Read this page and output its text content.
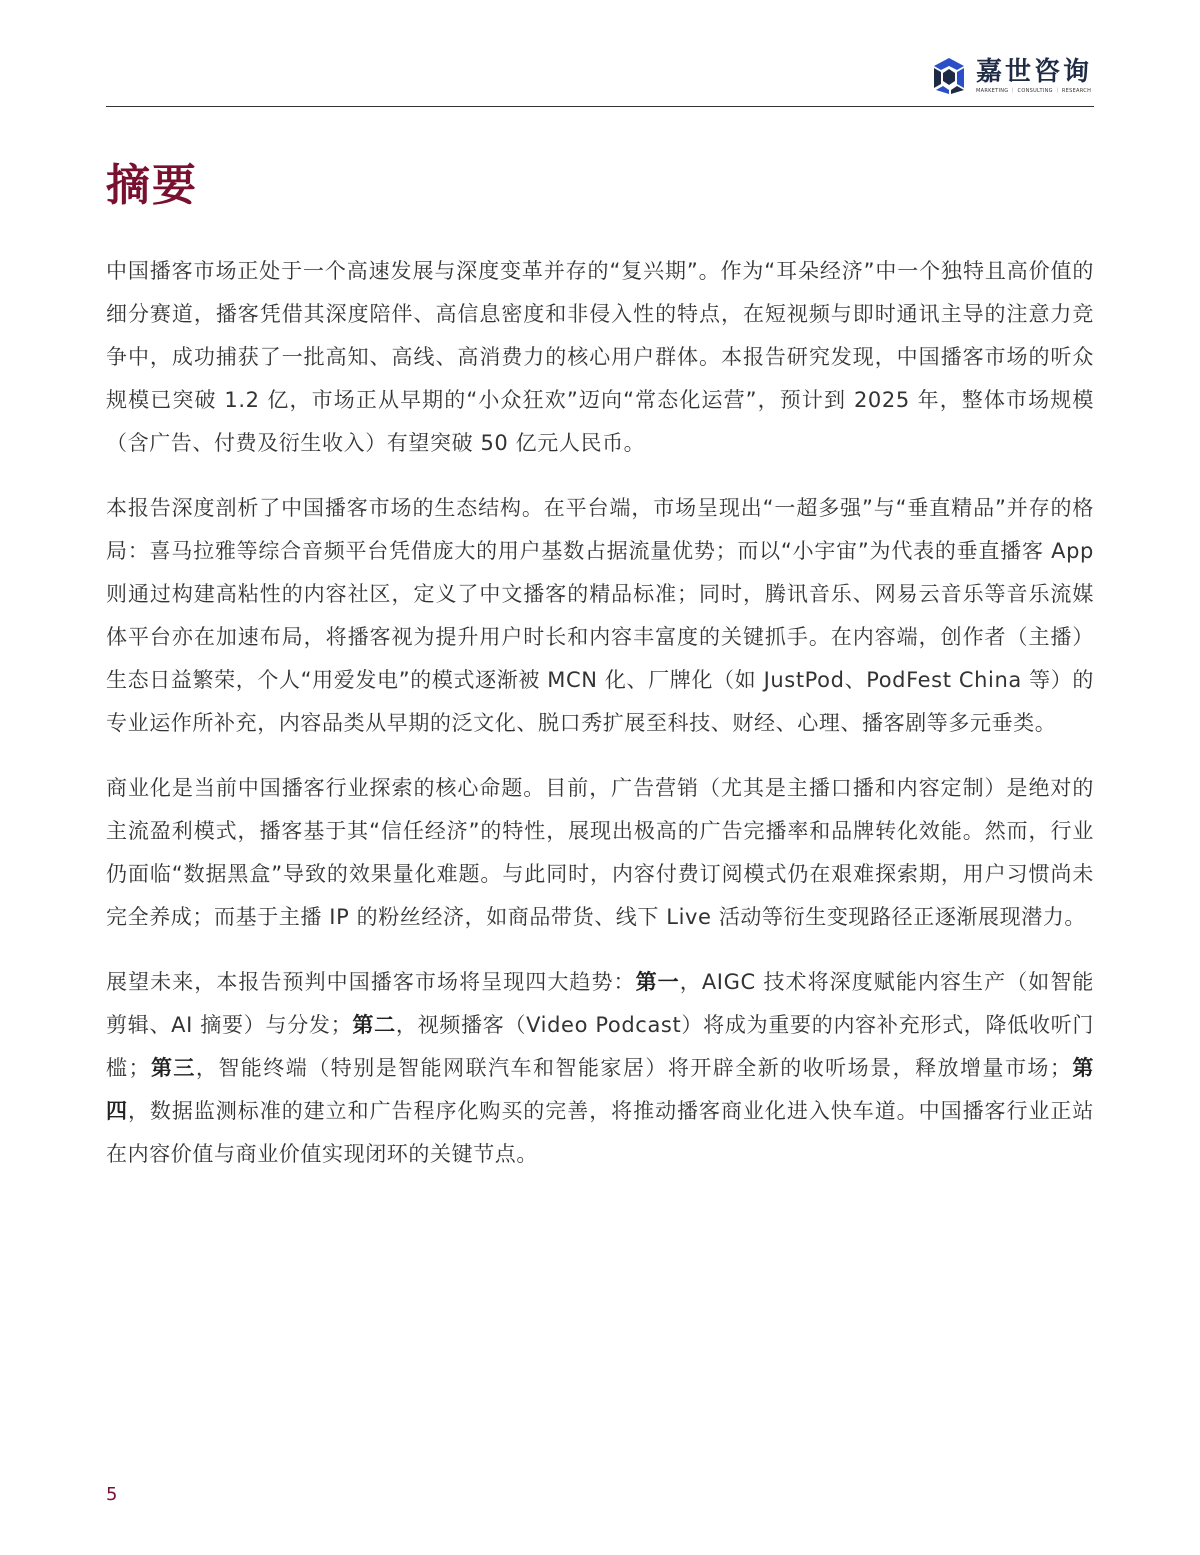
嘉世咨询
MARKETING ｜ CONSULTING ｜ RESEARCH
摘要

中国播客市场正处于一个高速发展与深度变革并存的“复兴期”。作为“耳朵经济”中一个独特且高价值的细分赛道，播客凭借其深度陪伴、高信息密度和非侵入性的特点，在短视频与即时通讯主导的注意力竞争中，成功捕获了一批高知、高线、高消费力的核心用户群体。本报告研究发现，中国播客市场的听众规模已突破 1.2 亿，市场正从早期的“小众狂欢”迈向“常态化运营”，预计到 2025 年，整体市场规模（含广告、付费及衍生收入）有望突破 50 亿元人民币。

本报告深度剖析了中国播客市场的生态结构。在平台端，市场呈现出“一超多强”与“垂直精品”并存的格局：喜马拉雅等综合音频平台凭借庞大的用户基数占据流量优势；而以“小宇宙”为代表的垂直播客 App 则通过构建高粘性的内容社区，定义了中文播客的精品标准；同时，腾讯音乐、网易云音乐等音乐流媒体平台亦在加速布局，将播客视为提升用户时长和内容丰富度的关键抓手。在内容端，创作者（主播）生态日益繁荣，个人“用爱发电”的模式逐渐被 MCN 化、厂牌化（如 JustPod、PodFest China 等）的专业运作所补充，内容品类从早期的泛文化、脱口秀扩展至科技、财经、心理、播客剧等多元垂类。

商业化是当前中国播客行业探索的核心命题。目前，广告营销（尤其是主播口播和内容定制）是绝对的主流盈利模式，播客基于其“信任经济”的特性，展现出极高的广告完播率和品牌转化效能。然而，行业仍面临“数据黑盒”导致的效果量化难题。与此同时，内容付费订阅模式仍在艰难探索期，用户习惯尚未完全养成；而基于主播 IP 的粉丝经济，如商品带货、线下 Live 活动等衍生变现路径正逐渐展现潜力。

展望未来，本报告预判中国播客市场将呈现四大趋势：第一，AIGC 技术将深度赋能内容生产（如智能剪辑、AI 摘要）与分发；第二，视频播客（Video Podcast）将成为重要的内容补充形式，降低收听门槛；第三，智能终端（特别是智能网联汽车和智能家居）将开辟全新的收听场景，释放增量市场；第四，数据监测标准的建立和广告程序化购买的完善，将推动播客商业化进入快车道。中国播客行业正站在内容价值与商业价值实现闭环的关键节点。

5
